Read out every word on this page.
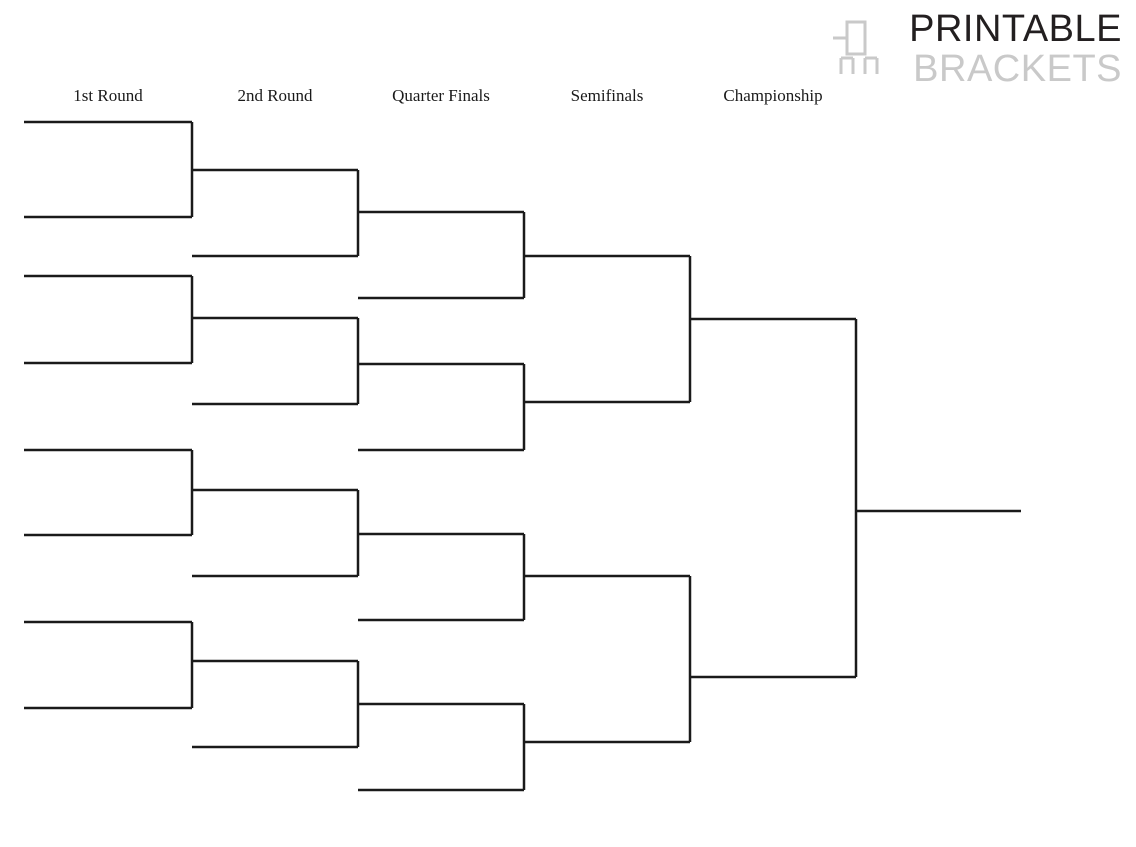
PRINTABLE
BRACKETS
1st Round	2nd Round	Quarter Finals	Semifinals	Championship
